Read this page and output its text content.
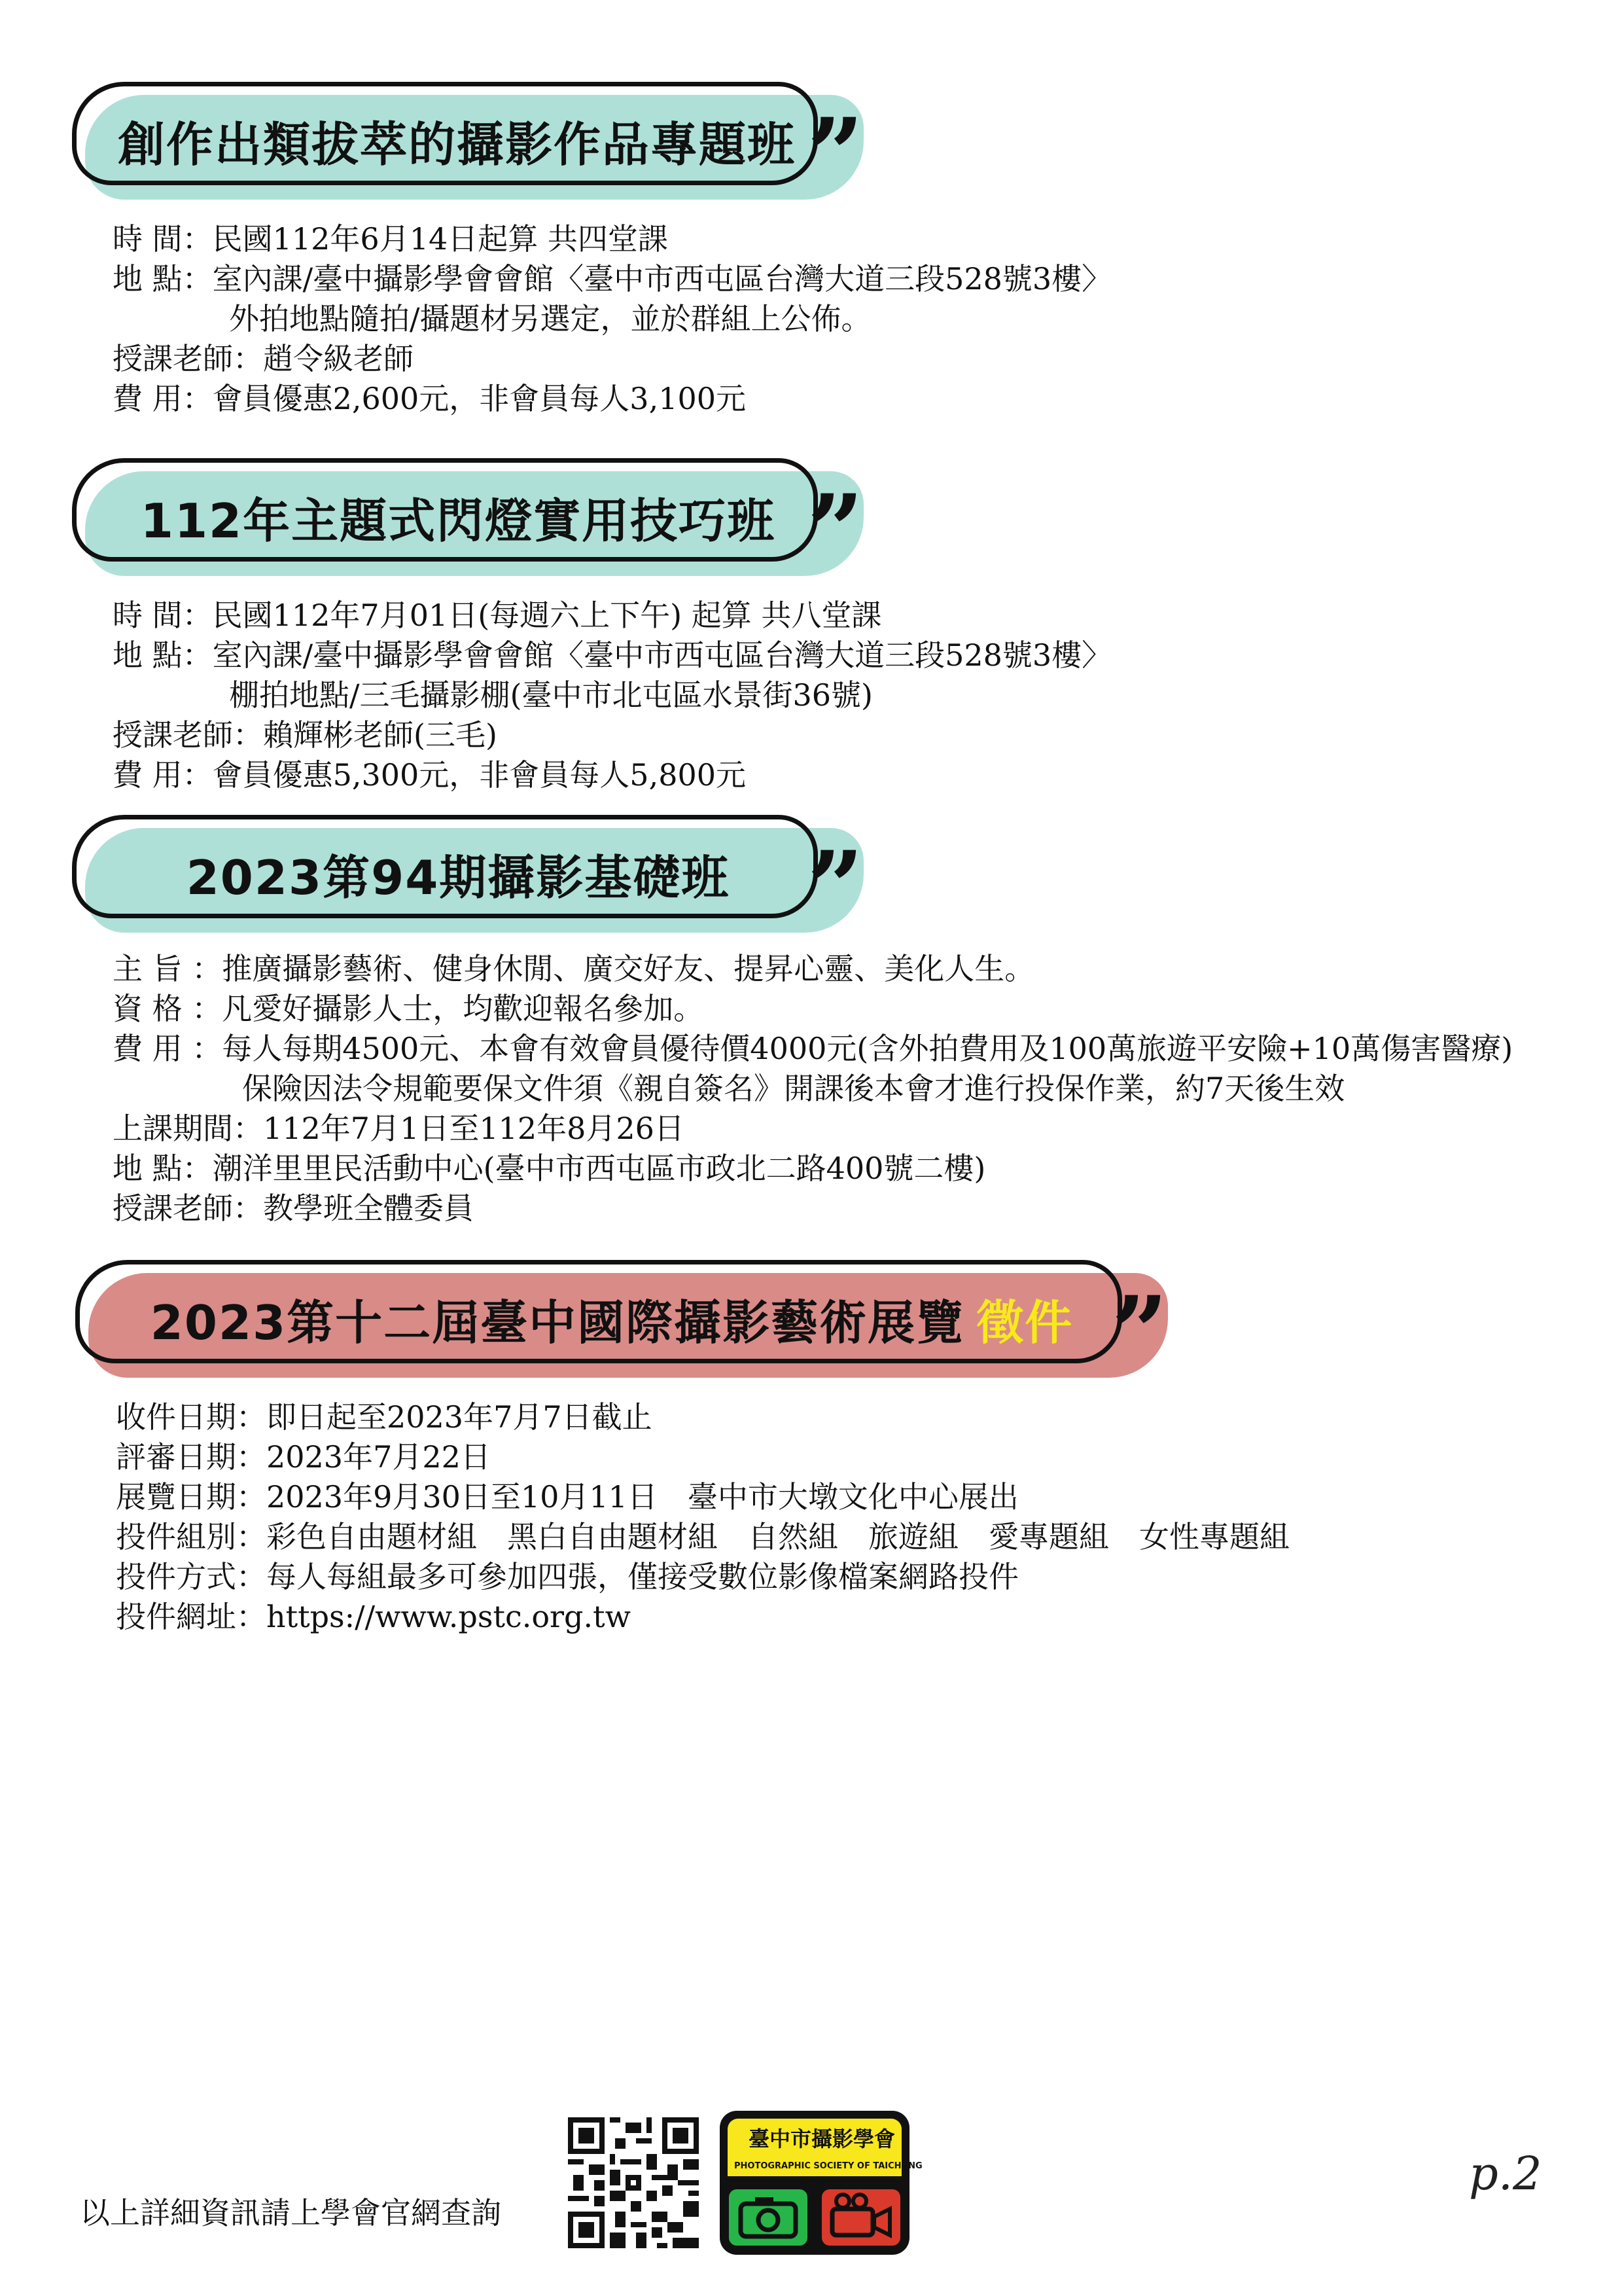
創作出類拔萃的攝影作品專題班 ”
時 間：民國112年6月14日起算 共四堂課
地 點：室內課/臺中攝影學會會館〈臺中市西屯區台灣大道三段528號3樓〉
外拍地點隨拍/攝題材另選定，並於群組上公佈。
授課老師：趙令級老師
費 用：會員優惠2,600元，非會員每人3,100元
112年主題式閃燈實用技巧班 ”
時 間：民國112年7月01日(每週六上下午) 起算 共八堂課
地 點：室內課/臺中攝影學會會館〈臺中市西屯區台灣大道三段528號3樓〉
棚拍地點/三毛攝影棚(臺中市北屯區水景街36號)
授課老師：賴輝彬老師(三毛)
費 用：會員優惠5,300元，非會員每人5,800元
2023第94期攝影基礎班 ”
主 旨 ：推廣攝影藝術、健身休閒、廣交好友、提昇心靈、美化人生。
資 格 ：凡愛好攝影人士，均歡迎報名參加。
費 用 ：每人每期4500元、本會有效會員優待價4000元(含外拍費用及100萬旅遊平安險+10萬傷害醫療)
保險因法令規範要保文件須《親自簽名》開課後本會才進行投保作業，約7天後生效
上課期間：112年7月1日至112年8月26日
地 點：潮洋里里民活動中心(臺中市西屯區市政北二路400號二樓)
授課老師：教學班全體委員
2023第十二屆臺中國際攝影藝術展覽 徵件 ”
收件日期：即日起至2023年7月7日截止
評審日期：2023年7月22日
展覽日期：2023年9月30日至10月11日　臺中市大墩文化中心展出
投件組別：彩色自由題材組　黑白自由題材組　自然組　旅遊組　愛專題組　女性專題組
投件方式：每人每組最多可參加四張，僅接受數位影像檔案網路投件
投件網址：https://www.pstc.org.tw
以上詳細資訊請上學會官網查詢
臺中市攝影學會
PHOTOGRAPHIC SOCIETY OF TAICHUNG	p.2
